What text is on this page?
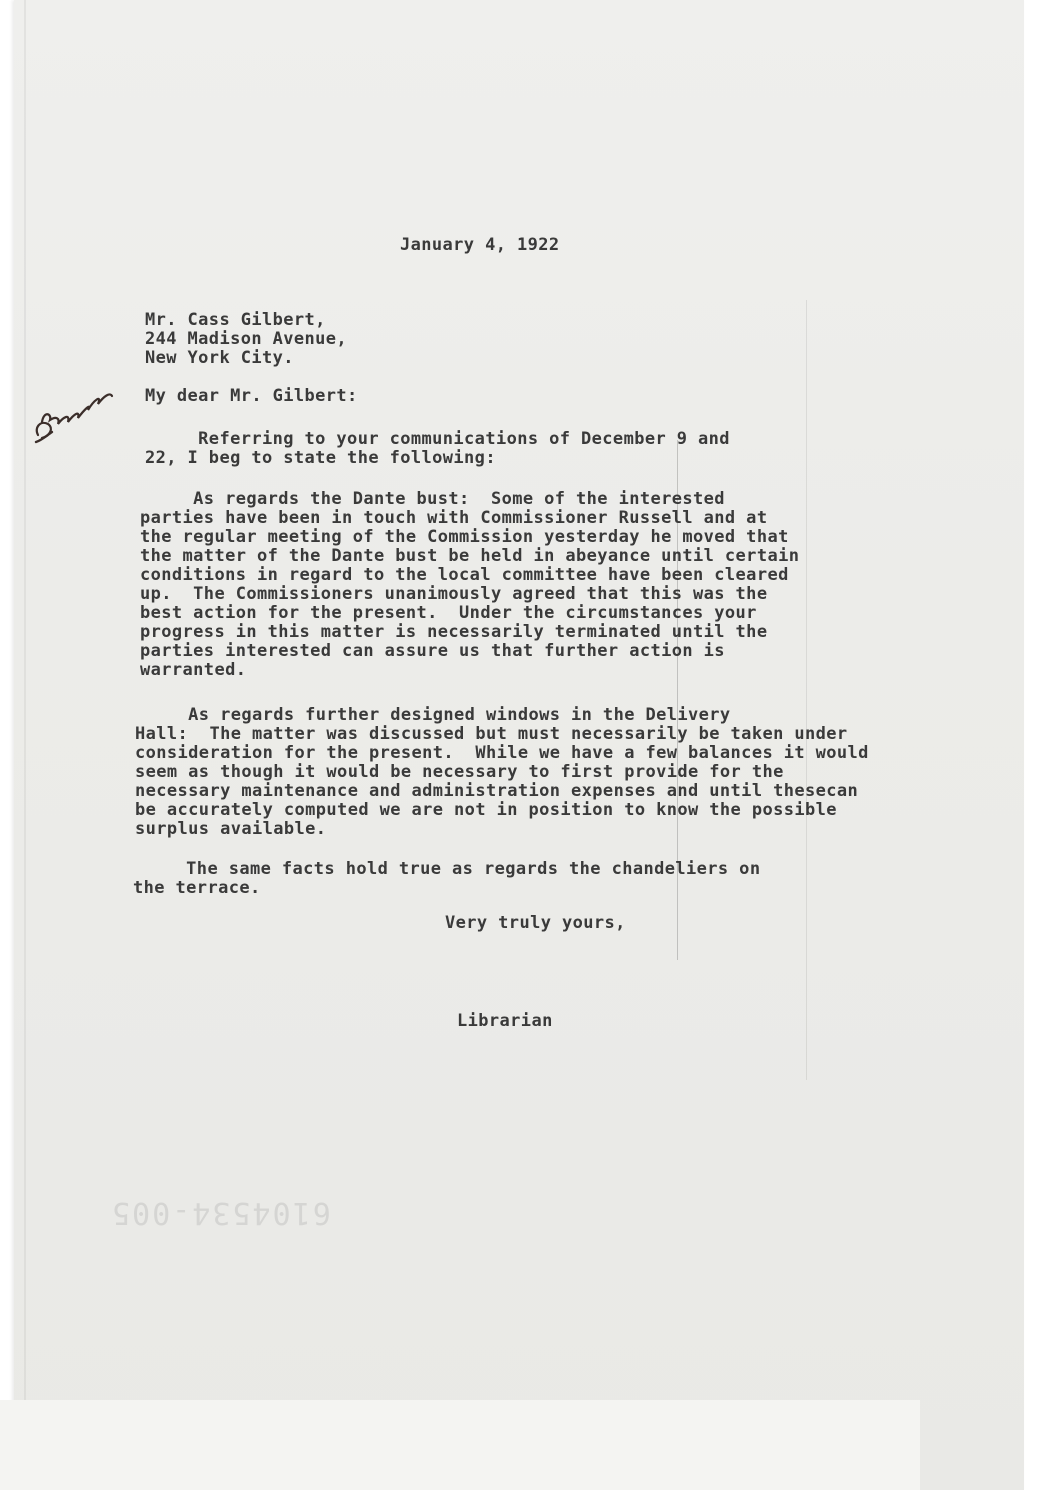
January 4, 1922
Mr. Cass Gilbert,
244 Madison Avenue,
New York City.
My dear Mr. Gilbert:
Referring to your communications of December 9 and
22, I beg to state the following:
As regards the Dante bust:  Some of the interested
parties have been in touch with Commissioner Russell and at
the regular meeting of the Commission yesterday he moved that
the matter of the Dante bust be held in abeyance until certain
conditions in regard to the local committee have been cleared
up.  The Commissioners unanimously agreed that this was the
best action for the present.  Under the circumstances your
progress in this matter is necessarily terminated until the
parties interested can assure us that further action is
warranted.
As regards further designed windows in the Delivery
Hall:  The matter was discussed but must necessarily be taken under
consideration for the present.  While we have a few balances it would
seem as though it would be necessary to first provide for the
necessary maintenance and administration expenses and until thesecan
be accurately computed we are not in position to know the possible
surplus available.
The same facts hold true as regards the chandeliers on
the terrace.
Very truly yours,
Librarian
6104534-005
